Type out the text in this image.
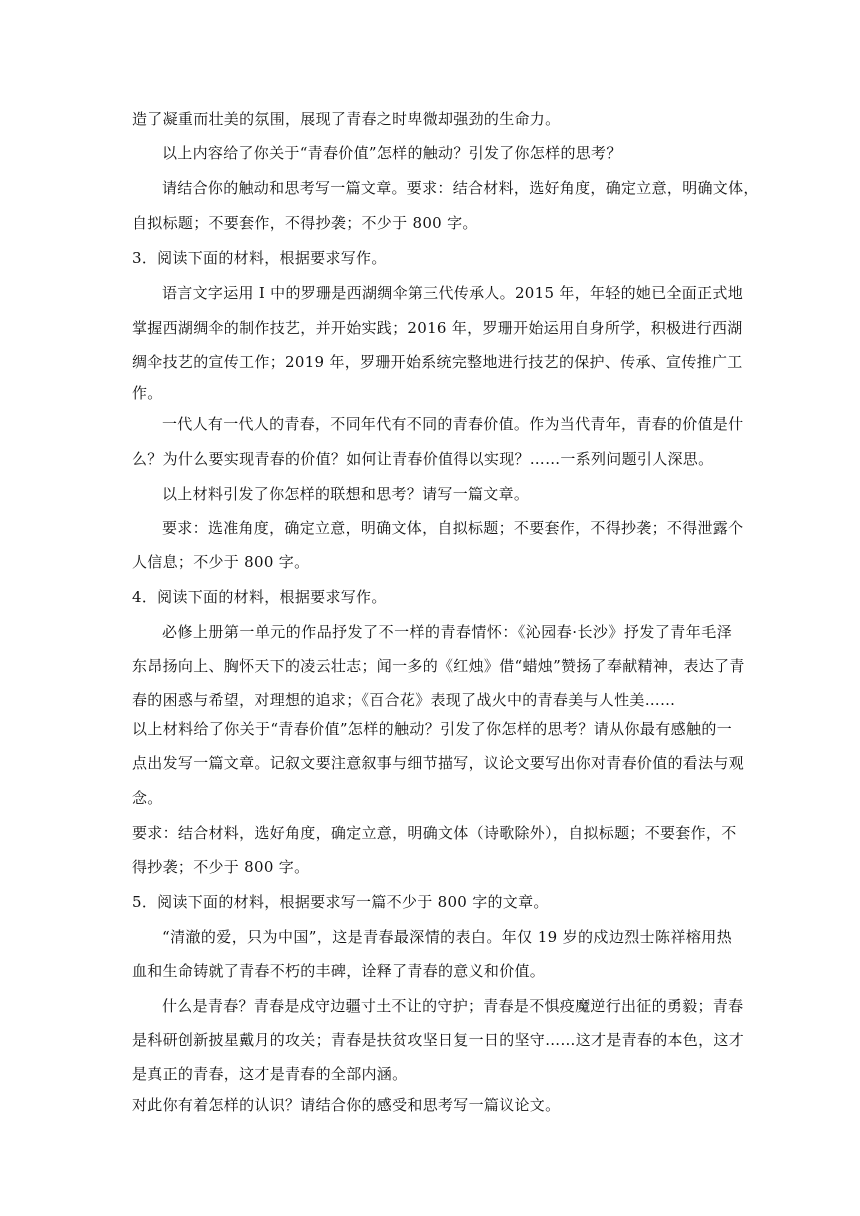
造了凝重而壮美的氛围，展现了青春之时卑微却强劲的生命力。
以上内容给了你关于“青春价值”怎样的触动？引发了你怎样的思考？
请结合你的触动和思考写一篇文章。要求：结合材料，选好角度，确定立意，明确文体，
自拟标题；不要套作，不得抄袭；不少于 800 字。
3．阅读下面的材料，根据要求写作。
语言文字运用 I 中的罗珊是西湖绸伞第三代传承人。2015 年，年轻的她已全面正式地
掌握西湖绸伞的制作技艺，并开始实践；2016 年，罗珊开始运用自身所学，积极进行西湖
绸伞技艺的宣传工作；2019 年，罗珊开始系统完整地进行技艺的保护、传承、宣传推广工
作。
一代人有一代人的青春，不同年代有不同的青春价值。作为当代青年，青春的价值是什
么？为什么要实现青春的价值？如何让青春价值得以实现？……一系列问题引人深思。
以上材料引发了你怎样的联想和思考？请写一篇文章。
要求：选准角度，确定立意，明确文体，自拟标题；不要套作，不得抄袭；不得泄露个
人信息；不少于 800 字。
4．阅读下面的材料，根据要求写作。
必修上册第一单元的作品抒发了不一样的青春情怀：《沁园春·长沙》抒发了青年毛泽
东昂扬向上、胸怀天下的凌云壮志；闻一多的《红烛》借“蜡烛”赞扬了奉献精神，表达了青
春的困惑与希望，对理想的追求；《百合花》表现了战火中的青春美与人性美……
以上材料给了你关于“青春价值”怎样的触动？引发了你怎样的思考？请从你最有感触的一
点出发写一篇文章。记叙文要注意叙事与细节描写，议论文要写出你对青春价值的看法与观
念。
要求：结合材料，选好角度，确定立意，明确文体（诗歌除外），自拟标题；不要套作，不
得抄袭；不少于 800 字。
5．阅读下面的材料，根据要求写一篇不少于 800 字的文章。
“清澈的爱，只为中国”，这是青春最深情的表白。年仅 19 岁的戍边烈士陈祥榕用热
血和生命铸就了青春不朽的丰碑，诠释了青春的意义和价值。
什么是青春？青春是戍守边疆寸土不让的守护；青春是不惧疫魔逆行出征的勇毅；青春
是科研创新披星戴月的攻关；青春是扶贫攻坚日复一日的坚守……这才是青春的本色，这才
是真正的青春，这才是青春的全部内涵。
对此你有着怎样的认识？请结合你的感受和思考写一篇议论文。
